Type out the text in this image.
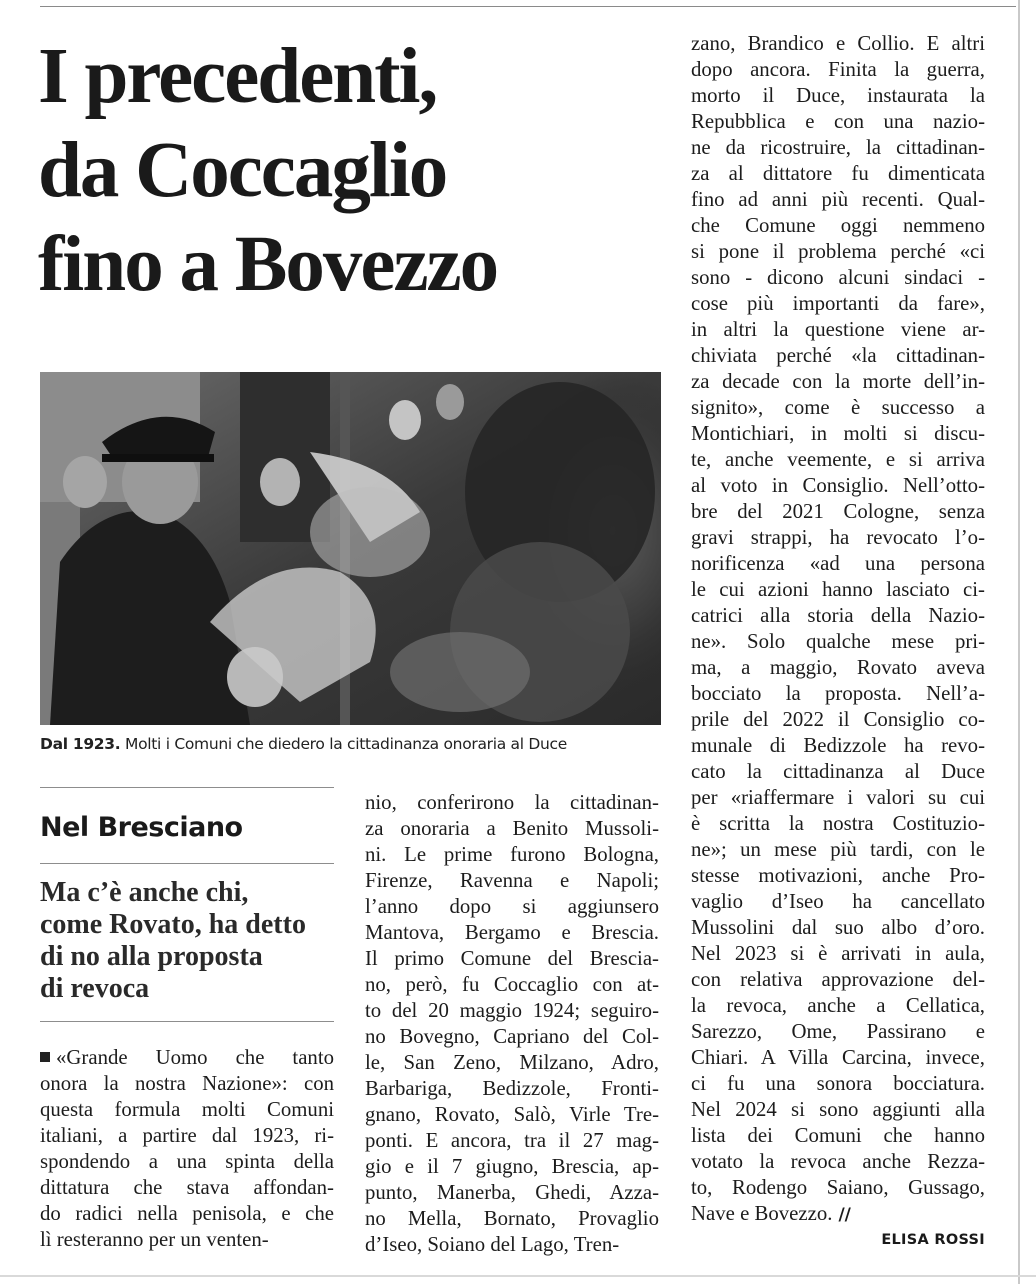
I precedenti,
da Coccaglio
fino a Bovezzo
Dal 1923. Molti i Comuni che diedero la cittadinanza onoraria al Duce
Nel Bresciano
Ma c’è anche chi,
come Rovato, ha detto
di no alla proposta
di revoca
«Grande Uomo che tanto
onora la nostra Nazione»: con
questa formula molti Comuni
italiani, a partire dal 1923, ri-
spondendo a una spinta della
dittatura che stava affondan-
do radici nella penisola, e che
lì resteranno per un venten-
nio, conferirono la cittadinan-
za onoraria a Benito Mussoli-
ni. Le prime furono Bologna,
Firenze, Ravenna e Napoli;
l’anno dopo si aggiunsero
Mantova, Bergamo e Brescia.
Il primo Comune del Brescia-
no, però, fu Coccaglio con at-
to del 20 maggio 1924; seguiro-
no Bovegno, Capriano del Col-
le, San Zeno, Milzano, Adro,
Barbariga, Bedizzole, Fronti-
gnano, Rovato, Salò, Virle Tre-
ponti. E ancora, tra il 27 mag-
gio e il 7 giugno, Brescia, ap-
punto, Manerba, Ghedi, Azza-
no Mella, Bornato, Provaglio
d’Iseo, Soiano del Lago, Tren-
zano, Brandico e Collio. E altri
dopo ancora. Finita la guerra,
morto il Duce, instaurata la
Repubblica e con una nazio-
ne da ricostruire, la cittadinan-
za al dittatore fu dimenticata
fino ad anni più recenti. Qual-
che Comune oggi nemmeno
si pone il problema perché «ci
sono - dicono alcuni sindaci -
cose più importanti da fare»,
in altri la questione viene ar-
chiviata perché «la cittadinan-
za decade con la morte dell’in-
signito», come è successo a
Montichiari, in molti si discu-
te, anche veemente, e si arriva
al voto in Consiglio. Nell’otto-
bre del 2021 Cologne, senza
gravi strappi, ha revocato l’o-
norificenza «ad una persona
le cui azioni hanno lasciato ci-
catrici alla storia della Nazio-
ne». Solo qualche mese pri-
ma, a maggio, Rovato aveva
bocciato la proposta. Nell’a-
prile del 2022 il Consiglio co-
munale di Bedizzole ha revo-
cato la cittadinanza al Duce
per «riaffermare i valori su cui
è scritta la nostra Costituzio-
ne»; un mese più tardi, con le
stesse motivazioni, anche Pro-
vaglio d’Iseo ha cancellato
Mussolini dal suo albo d’oro.
Nel 2023 si è arrivati in aula,
con relativa approvazione del-
la revoca, anche a Cellatica,
Sarezzo, Ome, Passirano e
Chiari. A Villa Carcina, invece,
ci fu una sonora bocciatura.
Nel 2024 si sono aggiunti alla
lista dei Comuni che hanno
votato la revoca anche Rezza-
to, Rodengo Saiano, Gussago,
Nave e Bovezzo. //
ELISA ROSSI
